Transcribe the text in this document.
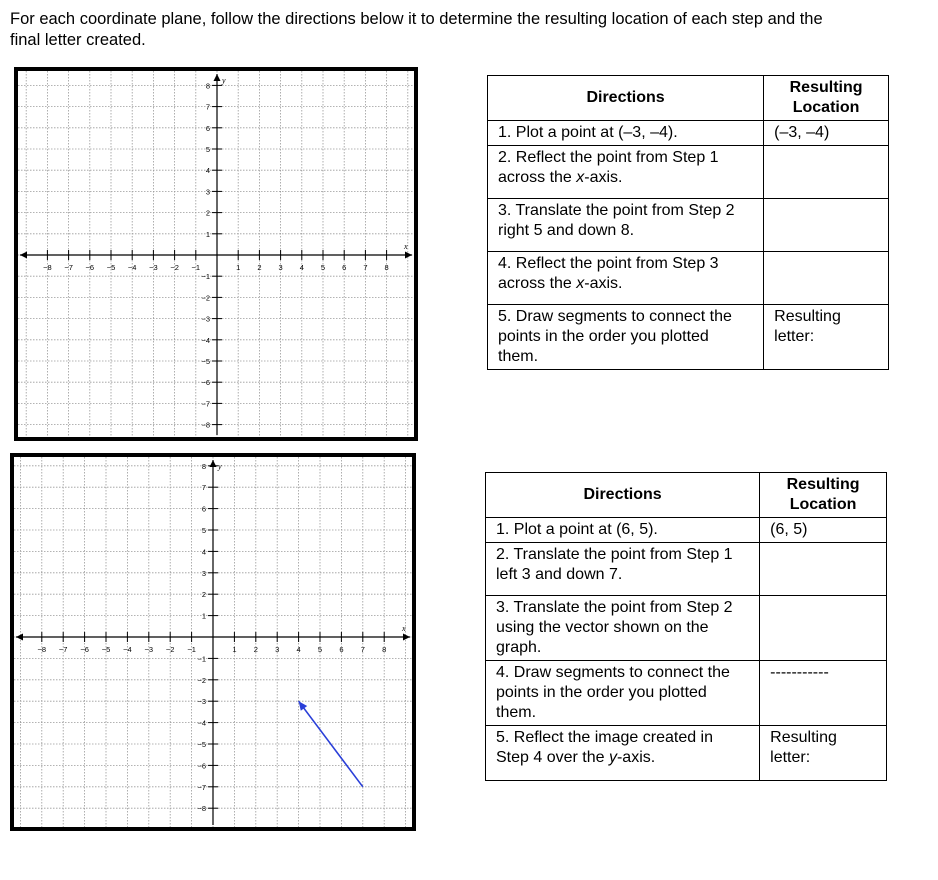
For each coordinate plane, follow the directions below it to determine the resulting location of each step and the final letter created.
−8 −7 −6 −5 −4 −3 −2 −1	1 2 3 4 5 6 7 8
8
7
6
5
4
3
2
1
−1
−2
−3
−4
−5
−6
−7
−8
x
y
Directions	Resulting Location
1. Plot a point at (–3, –4).	(–3, –4)
2. Reflect the point from Step 1 across the x-axis.	
3. Translate the point from Step 2 right 5 and down 8.	
4. Reflect the point from Step 3 across the x-axis.	
5. Draw segments to connect the points in the order you plotted them.	Resulting letter:
−8 −7 −6 −5 −4 −3 −2 −1	1 2 3 4 5 6 7 8
8
7
6
5
4
3
2
1
−1
−2
−3
−4
−5
−6
−7
−8
x
y
Directions	Resulting Location
1. Plot a point at (6, 5).	(6, 5)
2. Translate the point from Step 1 left 3 and down 7.	
3. Translate the point from Step 2 using the vector shown on the graph.	
4. Draw segments to connect the points in the order you plotted them.	-----------
5. Reflect the image created in Step 4 over the y-axis.	Resulting letter:
